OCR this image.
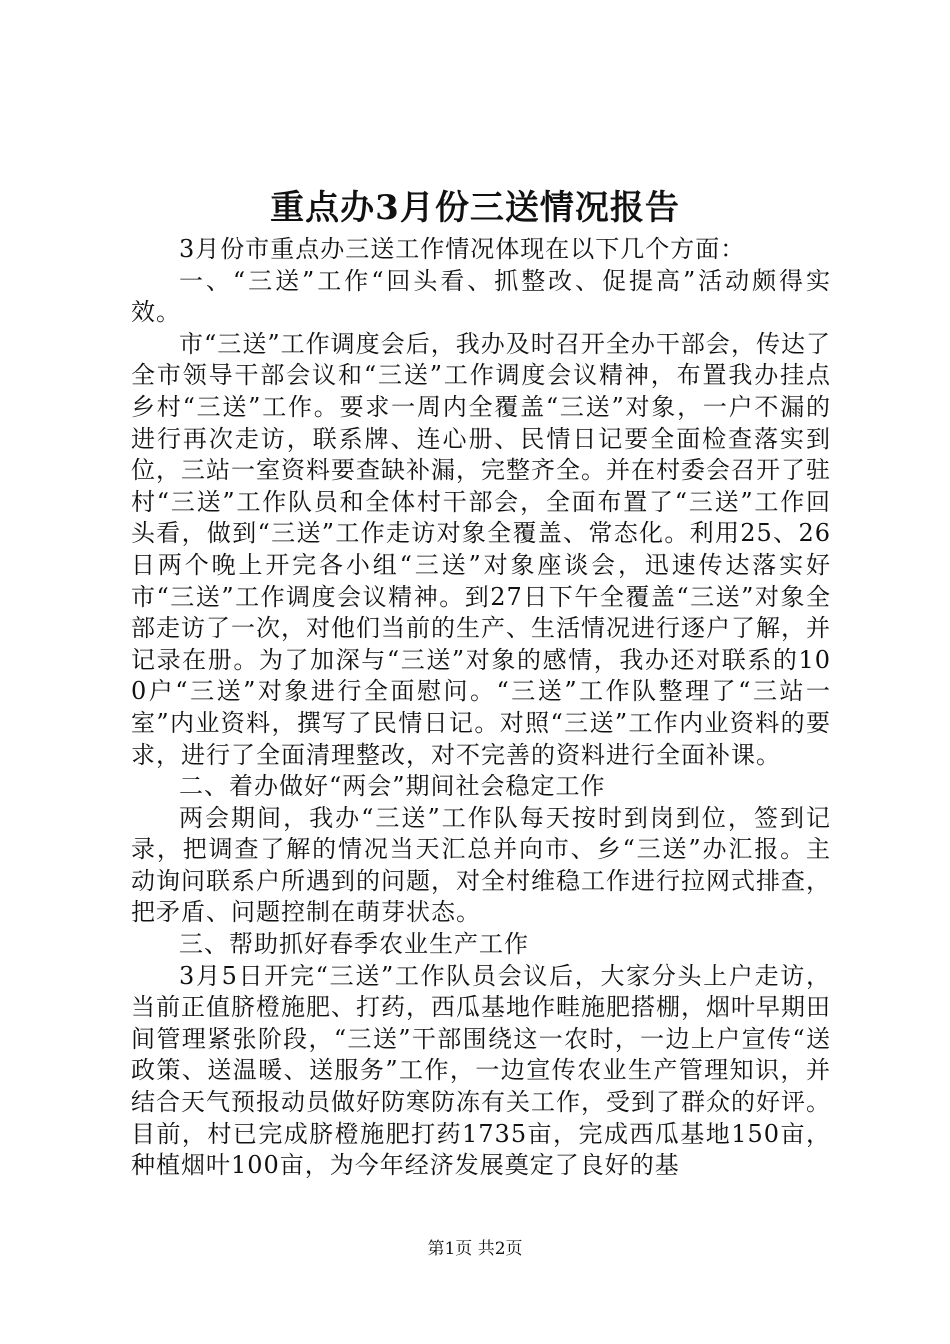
重点办3月份三送情况报告

3月份市重点办三送工作情况体现在以下几个方面：

一、“三送”工作“回头看、抓整改、促提高”活动颇得实效。

市“三送”工作调度会后，我办及时召开全办干部会，传达了全市领导干部会议和“三送”工作调度会议精神，布置我办挂点乡村“三送”工作。要求一周内全覆盖“三送”对象，一户不漏的进行再次走访，联系牌、连心册、民情日记要全面检查落实到位，三站一室资料要查缺补漏，完整齐全。并在村委会召开了驻村“三送”工作队员和全体村干部会，全面布置了“三送”工作回头看，做到“三送”工作走访对象全覆盖、常态化。利用25、26日两个晚上开完各小组“三送”对象座谈会，迅速传达落实好市“三送”工作调度会议精神。到27日下午全覆盖“三送”对象全部走访了一次，对他们当前的生产、生活情况进行逐户了解，并记录在册。为了加深与“三送”对象的感情，我办还对联系的100户“三送”对象进行全面慰问。“三送”工作队整理了“三站一室”内业资料，撰写了民情日记。对照“三送”工作内业资料的要求，进行了全面清理整改，对不完善的资料进行全面补课。

二、着办做好“两会”期间社会稳定工作

两会期间，我办“三送”工作队每天按时到岗到位，签到记录，把调查了解的情况当天汇总并向市、乡“三送”办汇报。主动询问联系户所遇到的问题，对全村维稳工作进行拉网式排查，把矛盾、问题控制在萌芽状态。

三、帮助抓好春季农业生产工作

3月5日开完“三送”工作队员会议后，大家分头上户走访，当前正值脐橙施肥、打药，西瓜基地作畦施肥搭棚，烟叶早期田间管理紧张阶段，“三送”干部围绕这一农时，一边上户宣传“送政策、送温暖、送服务”工作，一边宣传农业生产管理知识，并结合天气预报动员做好防寒防冻有关工作，受到了群众的好评。目前，村已完成脐橙施肥打药1735亩，完成西瓜基地150亩，种植烟叶100亩，为今年经济发展奠定了良好的基

第1页 共2页
